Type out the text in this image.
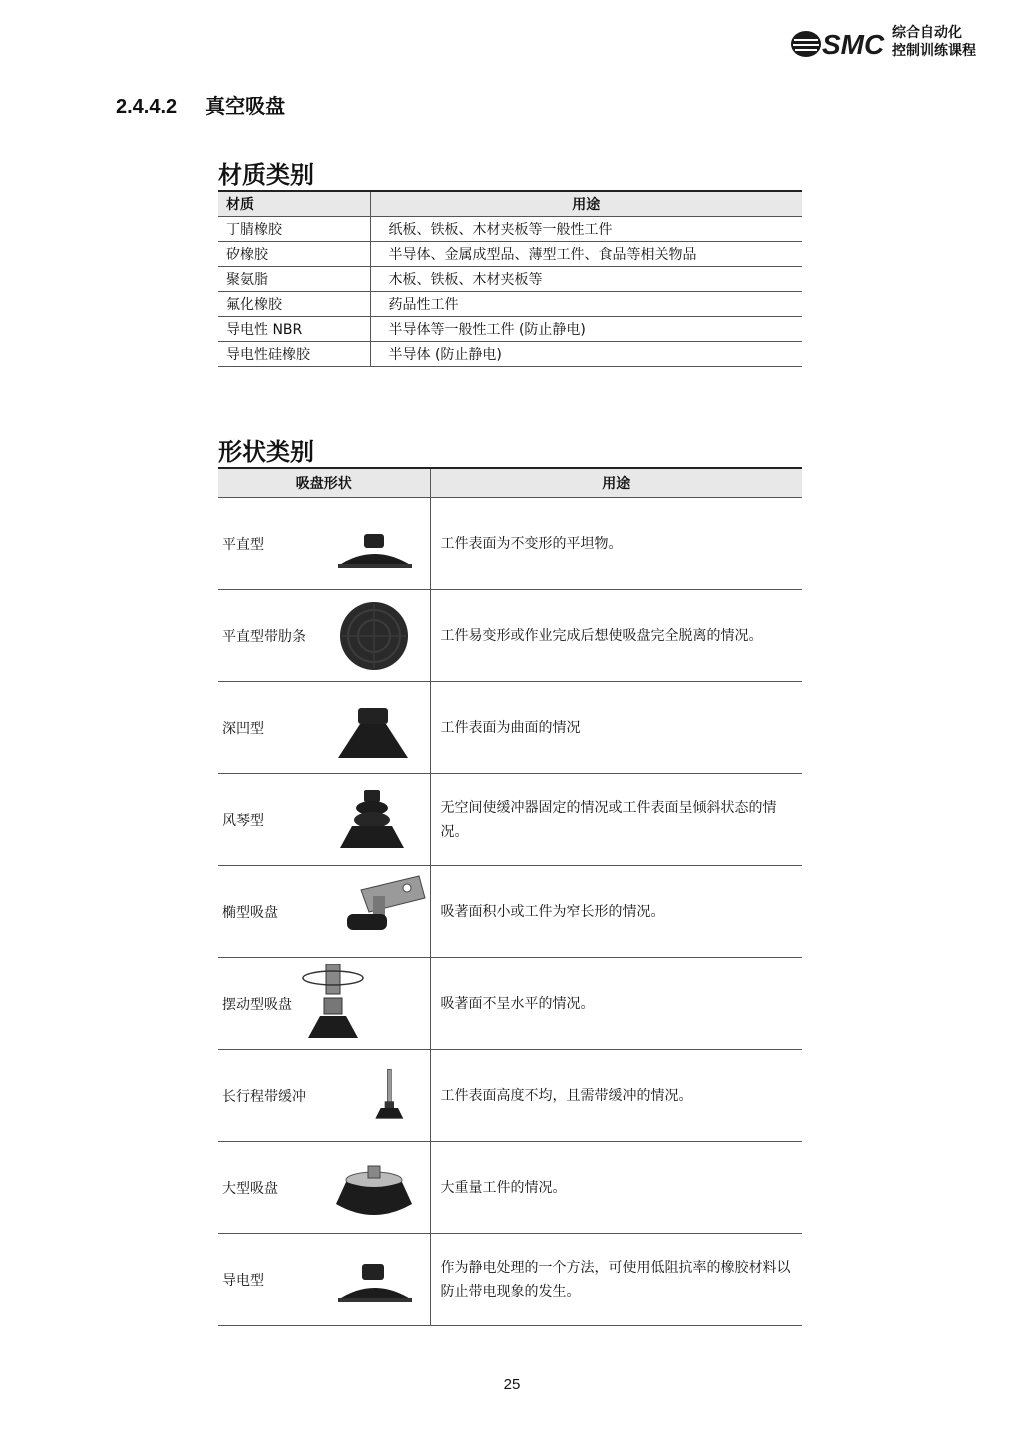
SMC 综合自动化
控制训练课程
2.4.4.2 真空吸盘
材质类别
材质	用途
丁腈橡胶	纸板、铁板、木材夹板等一般性工件
矽橡胶	半导体、金属成型品、薄型工件、食品等相关物品
聚氨脂	木板、铁板、木材夹板等
氟化橡胶	药品性工件
导电性 NBR	半导体等一般性工件 (防止静电)
导电性硅橡胶	半导体 (防止静电)
形状类别
吸盘形状	用途

平直型	工件表面为不变形的平坦物。

平直型带肋条	工件易变形或作业完成后想使吸盘完全脱离的情况。

深凹型	工件表面为曲面的情况

风琴型	无空间使缓冲器固定的情况或工件表面呈倾斜状态的情况。

椭型吸盘	吸著面积小或工件为窄长形的情况。

摆动型吸盘	吸著面不呈水平的情况。

长行程带缓冲	工件表面高度不均，且需带缓冲的情况。

大型吸盘	大重量工件的情况。

导电型	作为静电处理的一个方法，可使用低阻抗率的橡胶材料以防止带电现象的发生。
25
